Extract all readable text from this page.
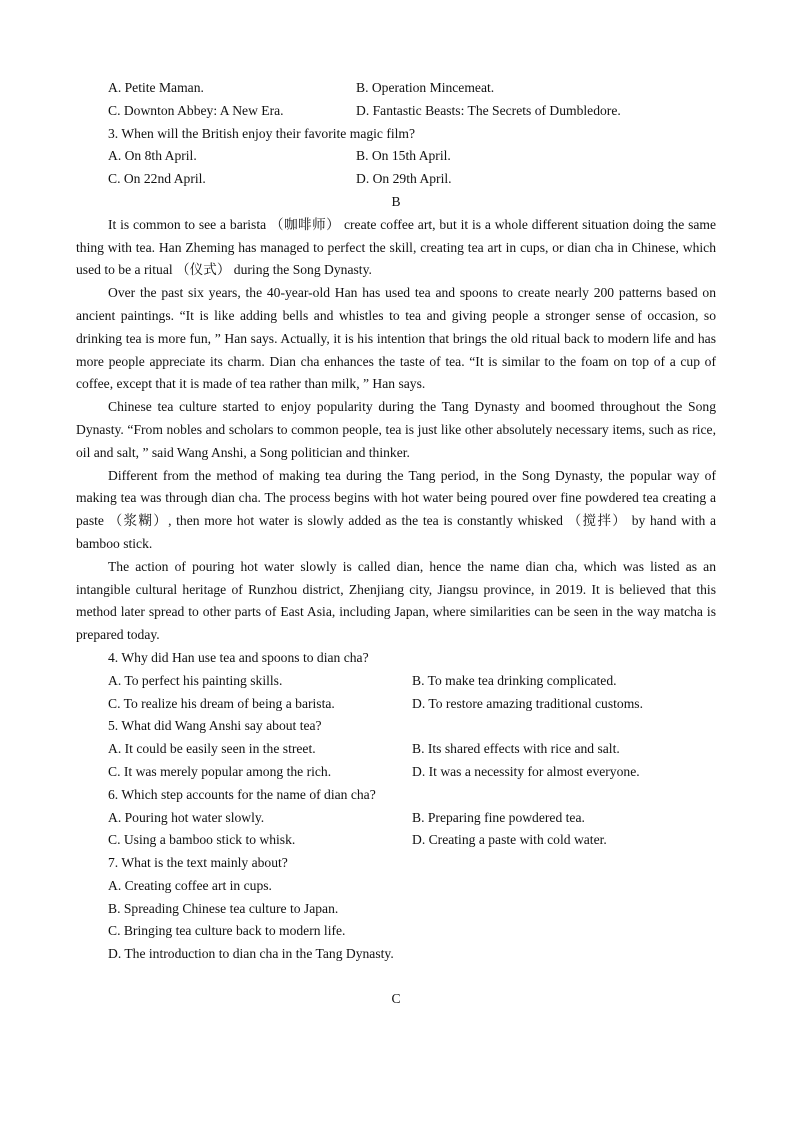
A. Petite Maman.	B. Operation Mincemeat.
C. Downton Abbey: A New Era.	D. Fantastic Beasts: The Secrets of Dumbledore.
3. When will the British enjoy their favorite magic film?
A. On 8th April.	B. On 15th April.
C. On 22nd April.	D. On 29th April.
B

It is common to see a barista （咖啡师） create coffee art, but it is a whole different situation doing the same thing with tea. Han Zheming has managed to perfect the skill, creating tea art in cups, or dian cha in Chinese, which used to be a ritual （仪式） during the Song Dynasty.

Over the past six years, the 40-year-old Han has used tea and spoons to create nearly 200 patterns based on ancient paintings. “It is like adding bells and whistles to tea and giving people a stronger sense of occasion, so drinking tea is more fun, ” Han says. Actually, it is his intention that brings the old ritual back to modern life and has more people appreciate its charm. Dian cha enhances the taste of tea. “It is similar to the foam on top of a cup of coffee, except that it is made of tea rather than milk, ” Han says.

Chinese tea culture started to enjoy popularity during the Tang Dynasty and boomed throughout the Song Dynasty. “From nobles and scholars to common people, tea is just like other absolutely necessary items, such as rice, oil and salt, ” said Wang Anshi, a Song politician and thinker.

Different from the method of making tea during the Tang period, in the Song Dynasty, the popular way of making tea was through dian cha. The process begins with hot water being poured over fine powdered tea creating a paste （浆糊）, then more hot water is slowly added as the tea is constantly whisked （搅拌） by hand with a bamboo stick.

The action of pouring hot water slowly is called dian, hence the name dian cha, which was listed as an intangible cultural heritage of Runzhou district, Zhenjiang city, Jiangsu province, in 2019. It is believed that this method later spread to other parts of East Asia, including Japan, where similarities can be seen in the way matcha is prepared today.

4. Why did Han use tea and spoons to dian cha?
A. To perfect his painting skills.	B. To make tea drinking complicated.
C. To realize his dream of being a barista.	D. To restore amazing traditional customs.
5. What did Wang Anshi say about tea?
A. It could be easily seen in the street.	B. Its shared effects with rice and salt.
C. It was merely popular among the rich.	D. It was a necessity for almost everyone.
6. Which step accounts for the name of dian cha?
A. Pouring hot water slowly.	B. Preparing fine powdered tea.
C. Using a bamboo stick to whisk.	D. Creating a paste with cold water.
7. What is the text mainly about?
A. Creating coffee art in cups.
B. Spreading Chinese tea culture to Japan.
C. Bringing tea culture back to modern life.
D. The introduction to dian cha in the Tang Dynasty.
C
